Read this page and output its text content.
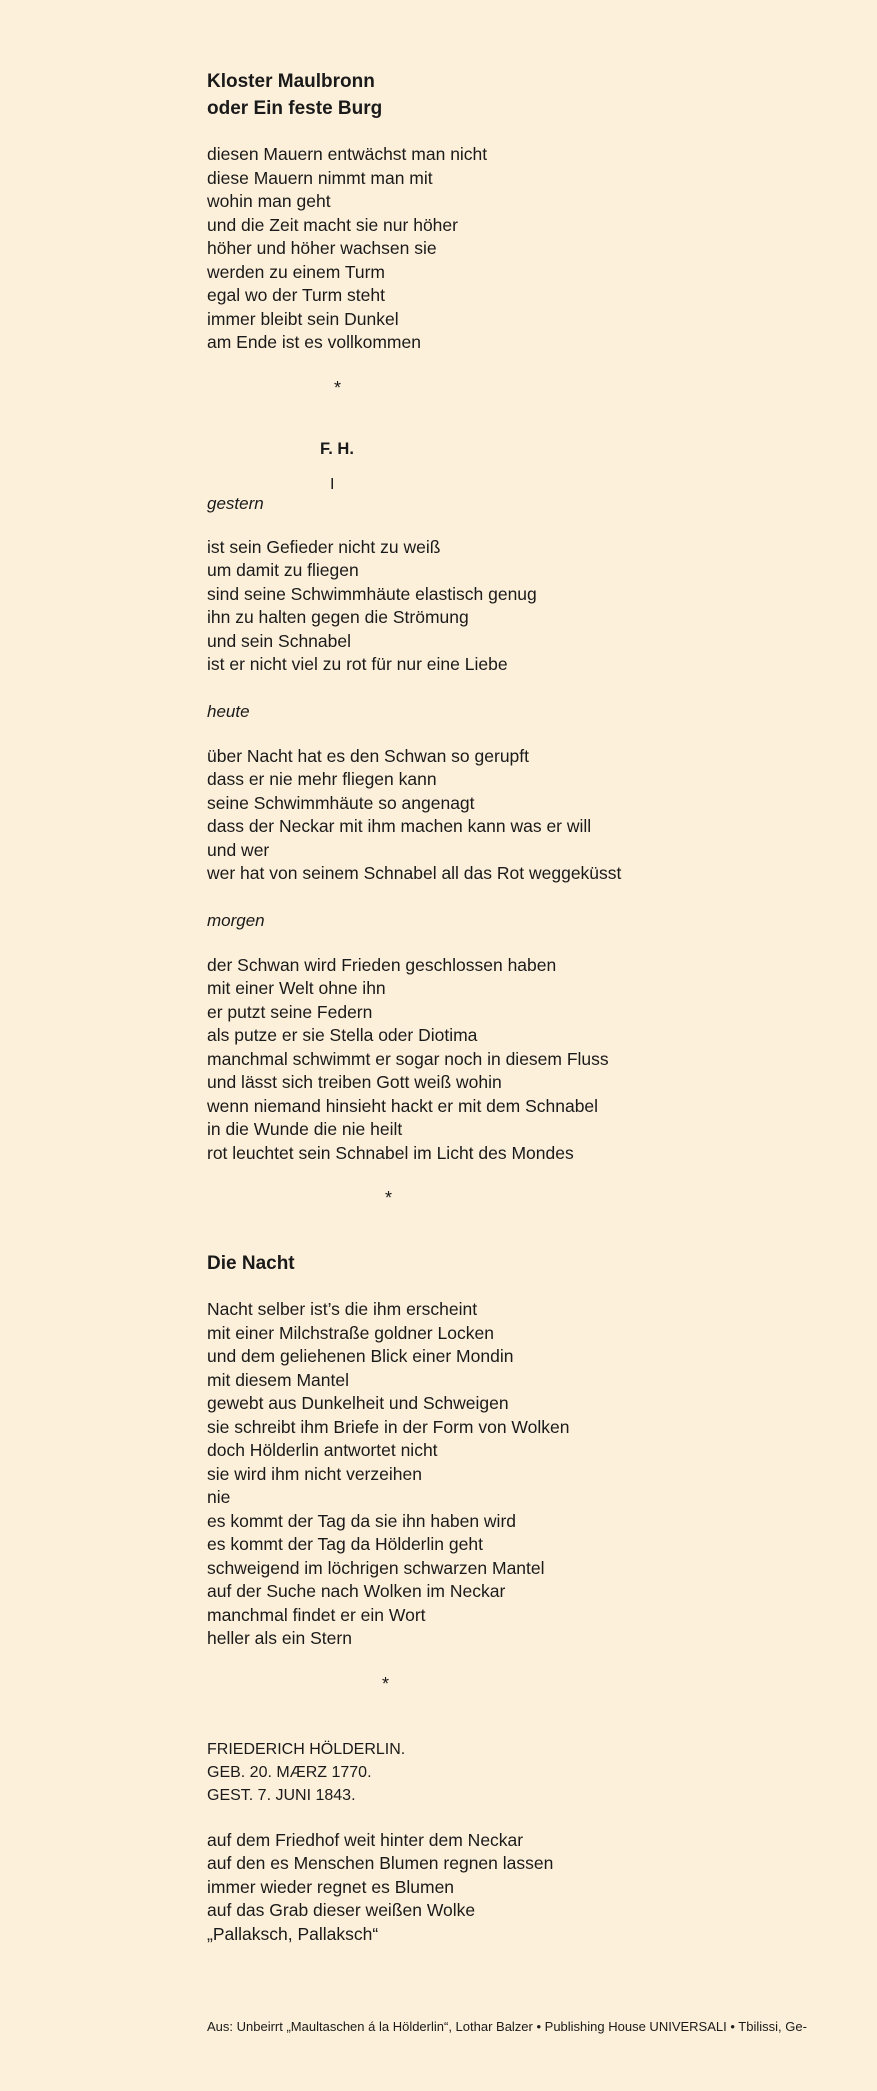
Kloster Maulbronn
oder Ein feste Burg
diesen Mauern entwächst man nicht
diese Mauern nimmt man mit
wohin man geht
und die Zeit macht sie nur höher
höher und höher wachsen sie
werden zu einem Turm
egal wo der Turm steht
immer bleibt sein Dunkel
am Ende ist es vollkommen
*
F. H.
I
gestern
ist sein Gefieder nicht zu weiß
um damit zu fliegen
sind seine Schwimmhäute elastisch genug
ihn zu halten gegen die Strömung
und sein Schnabel
ist er nicht viel zu rot für nur eine Liebe
heute
über Nacht hat es den Schwan so gerupft
dass er nie mehr fliegen kann
seine Schwimmhäute so angenagt
dass der Neckar mit ihm machen kann was er will
und wer
wer hat von seinem Schnabel all das Rot weggeküsst
morgen
der Schwan wird Frieden geschlossen haben
mit einer Welt ohne ihn
er putzt seine Federn
als putze er sie Stella oder Diotima
manchmal schwimmt er sogar noch in diesem Fluss
und lässt sich treiben Gott weiß wohin
wenn niemand hinsieht hackt er mit dem Schnabel
in die Wunde die nie heilt
rot leuchtet sein Schnabel im Licht des Mondes
*
Die Nacht
Nacht selber ist’s die ihm erscheint
mit einer Milchstraße goldner Locken
und dem geliehenen Blick einer Mondin
mit diesem Mantel
gewebt aus Dunkelheit und Schweigen
sie schreibt ihm Briefe in der Form von Wolken
doch Hölderlin antwortet nicht
sie wird ihm nicht verzeihen
nie
es kommt der Tag da sie ihn haben wird
es kommt der Tag da Hölderlin geht
schweigend im löchrigen schwarzen Mantel
auf der Suche nach Wolken im Neckar
manchmal findet er ein Wort
heller als ein Stern
*
FRIEDERICH HÖLDERLIN.
GEB. 20. MÆRZ 1770.
GEST. 7. JUNI 1843.
auf dem Friedhof weit hinter dem Neckar
auf den es Menschen Blumen regnen lassen
immer wieder regnet es Blumen
auf das Grab dieser weißen Wolke
„Pallaksch, Pallaksch“
Aus: Unbeirrt „Maultaschen á la Hölderlin“, Lothar Balzer • Publishing House UNIVERSALI • Tbilissi, Ge-
